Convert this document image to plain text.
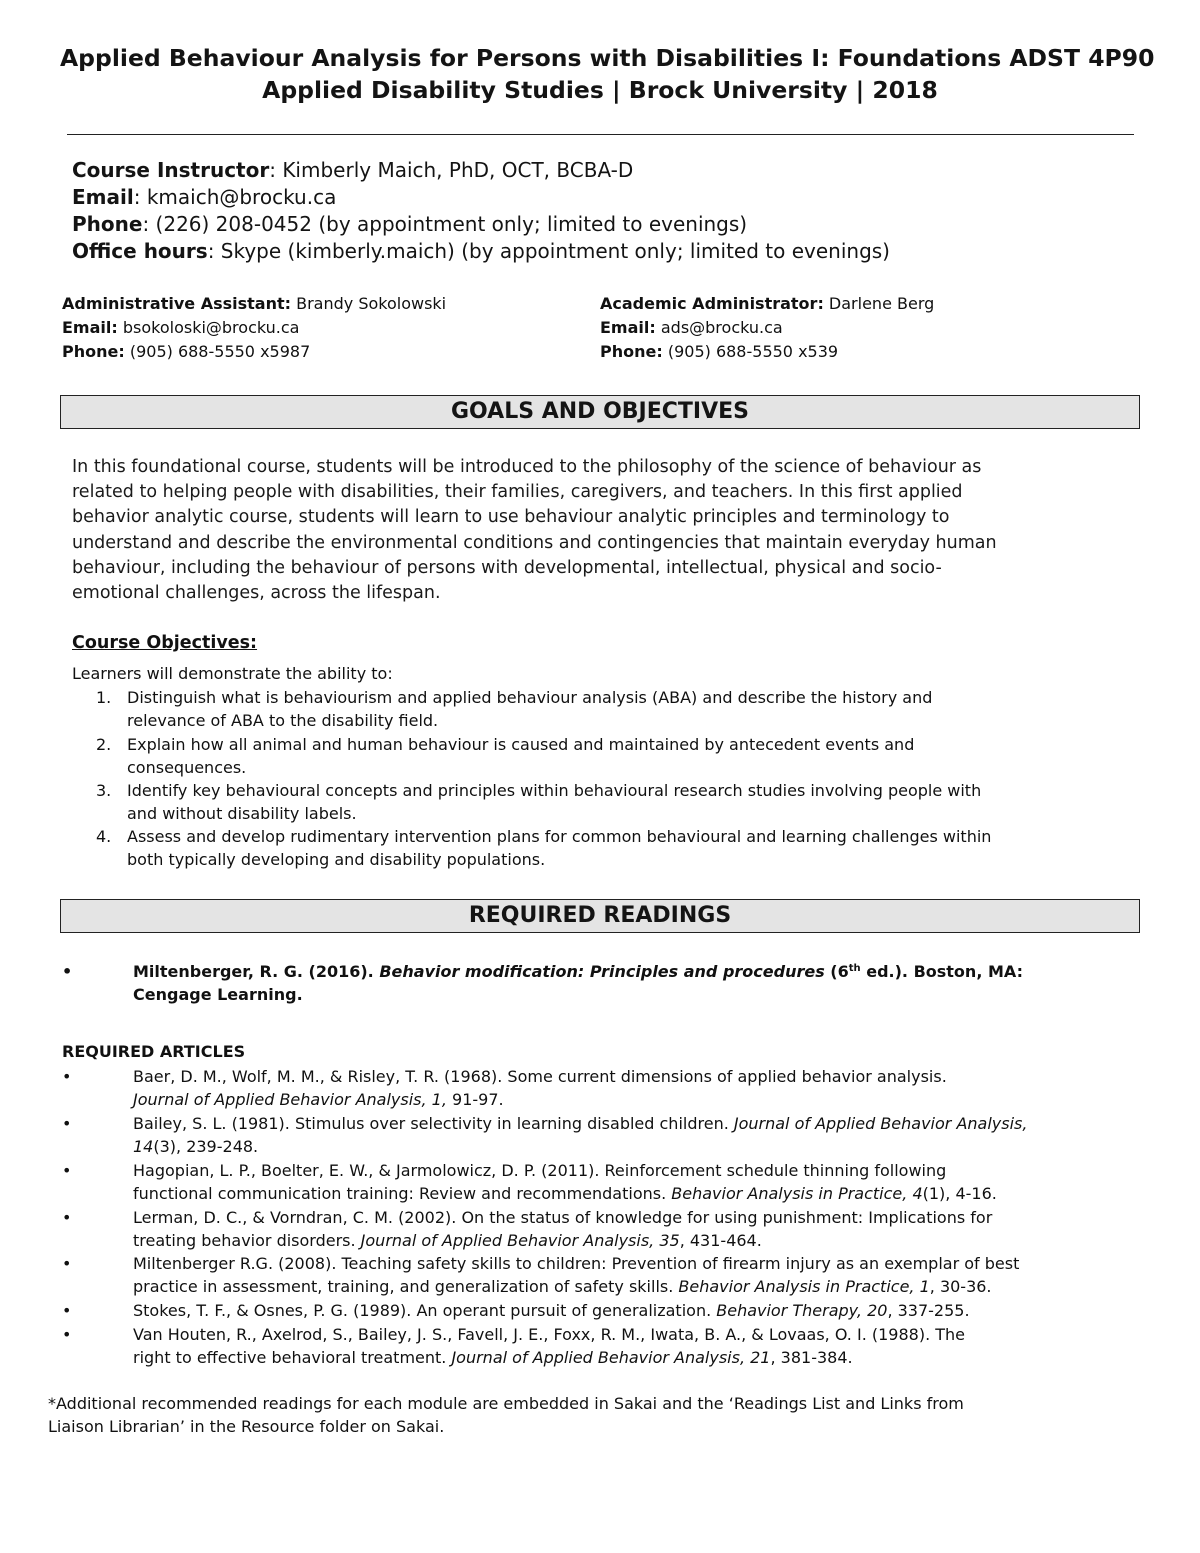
Applied Behaviour Analysis for Persons with Disabilities I: Foundations ADST 4P90
Applied Disability Studies | Brock University | 2018
Course Instructor: Kimberly Maich, PhD, OCT, BCBA-D
Email: kmaich@brocku.ca
Phone: (226) 208-0452 (by appointment only; limited to evenings)
Office hours: Skype (kimberly.maich) (by appointment only; limited to evenings)
Administrative Assistant: Brandy Sokolowski
Email: bsokoloski@brocku.ca
Phone: (905) 688-5550 x5987
Academic Administrator: Darlene Berg
Email: ads@brocku.ca
Phone: (905) 688-5550 x539
GOALS AND OBJECTIVES
In this foundational course, students will be introduced to the philosophy of the science of behaviour as
related to helping people with disabilities, their families, caregivers, and teachers. In this first applied
behavior analytic course, students will learn to use behaviour analytic principles and terminology to
understand and describe the environmental conditions and contingencies that maintain everyday human
behaviour, including the behaviour of persons with developmental, intellectual, physical and socio-
emotional challenges, across the lifespan.
Course Objectives:
Learners will demonstrate the ability to:
1. Distinguish what is behaviourism and applied behaviour analysis (ABA) and describe the history and
relevance of ABA to the disability field.
2. Explain how all animal and human behaviour is caused and maintained by antecedent events and
consequences.
3. Identify key behavioural concepts and principles within behavioural research studies involving people with
and without disability labels.
4. Assess and develop rudimentary intervention plans for common behavioural and learning challenges within
both typically developing and disability populations.
REQUIRED READINGS
•	Miltenberger, R. G. (2016). Behavior modification: Principles and procedures (6th ed.). Boston, MA:
Cengage Learning.
REQUIRED ARTICLES
•	Baer, D. M., Wolf, M. M., & Risley, T. R. (1968). Some current dimensions of applied behavior analysis.
Journal of Applied Behavior Analysis, 1, 91-97.
•	Bailey, S. L. (1981). Stimulus over selectivity in learning disabled children. Journal of Applied Behavior Analysis,
14(3), 239-248.
•	Hagopian, L. P., Boelter, E. W., & Jarmolowicz, D. P. (2011). Reinforcement schedule thinning following
functional communication training: Review and recommendations. Behavior Analysis in Practice, 4(1), 4-16.
•	Lerman, D. C., & Vorndran, C. M. (2002). On the status of knowledge for using punishment: Implications for
treating behavior disorders. Journal of Applied Behavior Analysis, 35, 431-464.
•	Miltenberger R.G. (2008). Teaching safety skills to children: Prevention of firearm injury as an exemplar of best
practice in assessment, training, and generalization of safety skills. Behavior Analysis in Practice, 1, 30-36.
•	Stokes, T. F., & Osnes, P. G. (1989). An operant pursuit of generalization. Behavior Therapy, 20, 337-255.
•	Van Houten, R., Axelrod, S., Bailey, J. S., Favell, J. E., Foxx, R. M., Iwata, B. A., & Lovaas, O. I. (1988). The
right to effective behavioral treatment. Journal of Applied Behavior Analysis, 21, 381-384.
*Additional recommended readings for each module are embedded in Sakai and the ‘Readings List and Links from
Liaison Librarian’ in the Resource folder on Sakai.
